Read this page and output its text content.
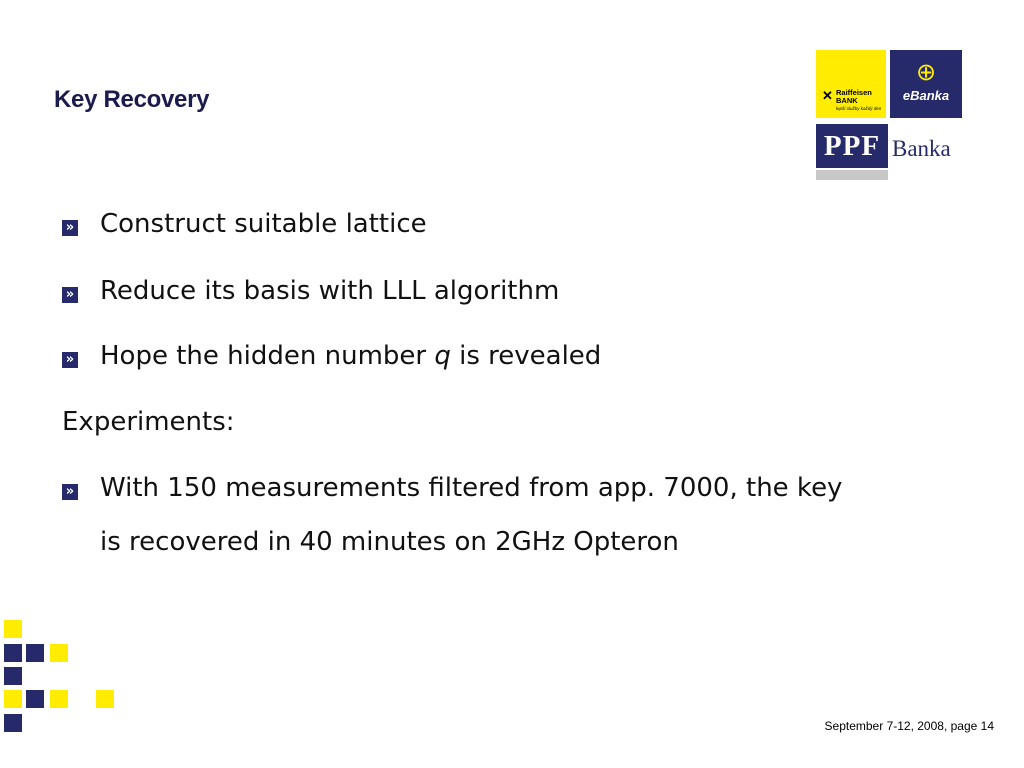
Key Recovery	✕ Raiffeisen
BANK
lepší služby každý den
⊕
eBanka
PPF Banka
» Construct suitable lattice
» Reduce its basis with LLL algorithm
» Hope the hidden number q is revealed
Experiments:
» With 150 measurements filtered from app. 7000, the key
is recovered in 40 minutes on 2GHz Opteron
September 7-12, 2008, page 14
